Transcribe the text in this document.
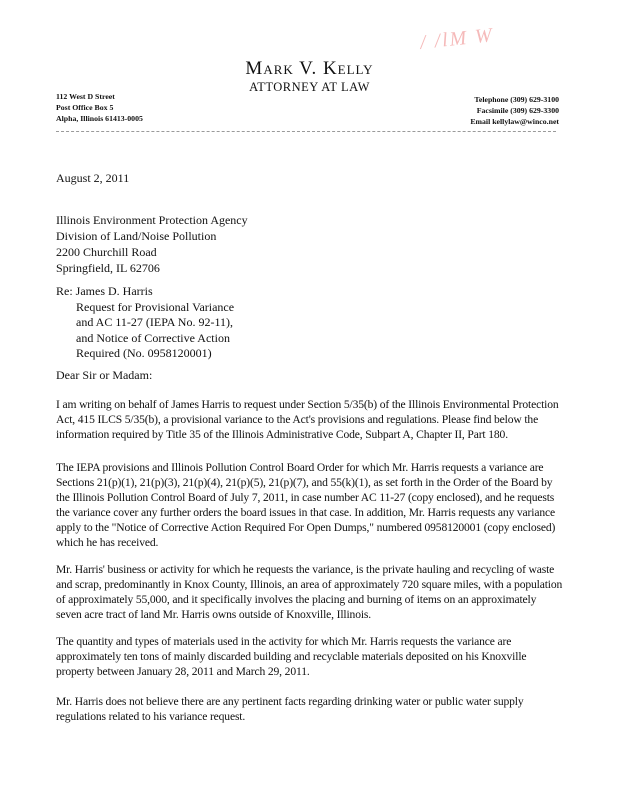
/ /lM W
Mark V. Kelly
ATTORNEY AT LAW
112 West D Street
Post Office Box 5
Alpha, Illinois 61413-0005
Telephone (309) 629-3100
Facsimile (309) 629-3300
Email kellylaw@winco.net
August 2, 2011
Illinois Environment Protection Agency
Division of Land/Noise Pollution
2200 Churchill Road
Springfield, IL 62706
Re: James D. Harris
Request for Provisional Variance
and AC 11-27 (IEPA No. 92-11),
and Notice of Corrective Action
Required (No. 0958120001)
Dear Sir or Madam:

I am writing on behalf of James Harris to request under Section 5/35(b) of the Illinois Environmental Protection Act, 415 ILCS 5/35(b), a provisional variance to the Act's provisions and regulations. Please find below the information required by Title 35 of the Illinois Administrative Code, Subpart A, Chapter II, Part 180.

The IEPA provisions and Illinois Pollution Control Board Order for which Mr. Harris requests a variance are Sections 21(p)(1), 21(p)(3), 21(p)(4), 21(p)(5), 21(p)(7), and 55(k)(1), as set forth in the Order of the Board by the Illinois Pollution Control Board of July 7, 2011, in case number AC 11-27 (copy enclosed), and he requests the variance cover any further orders the board issues in that case. In addition, Mr. Harris requests any variance apply to the "Notice of Corrective Action Required For Open Dumps," numbered 0958120001 (copy enclosed) which he has received.

Mr. Harris' business or activity for which he requests the variance, is the private hauling and recycling of waste and scrap, predominantly in Knox County, Illinois, an area of approximately 720 square miles, with a population of approximately 55,000, and it specifically involves the placing and burning of items on an approximately seven acre tract of land Mr. Harris owns outside of Knoxville, Illinois.

The quantity and types of materials used in the activity for which Mr. Harris requests the variance are approximately ten tons of mainly discarded building and recyclable materials deposited on his Knoxville property between January 28, 2011 and March 29, 2011.

Mr. Harris does not believe there are any pertinent facts regarding drinking water or public water supply regulations related to his variance request.
